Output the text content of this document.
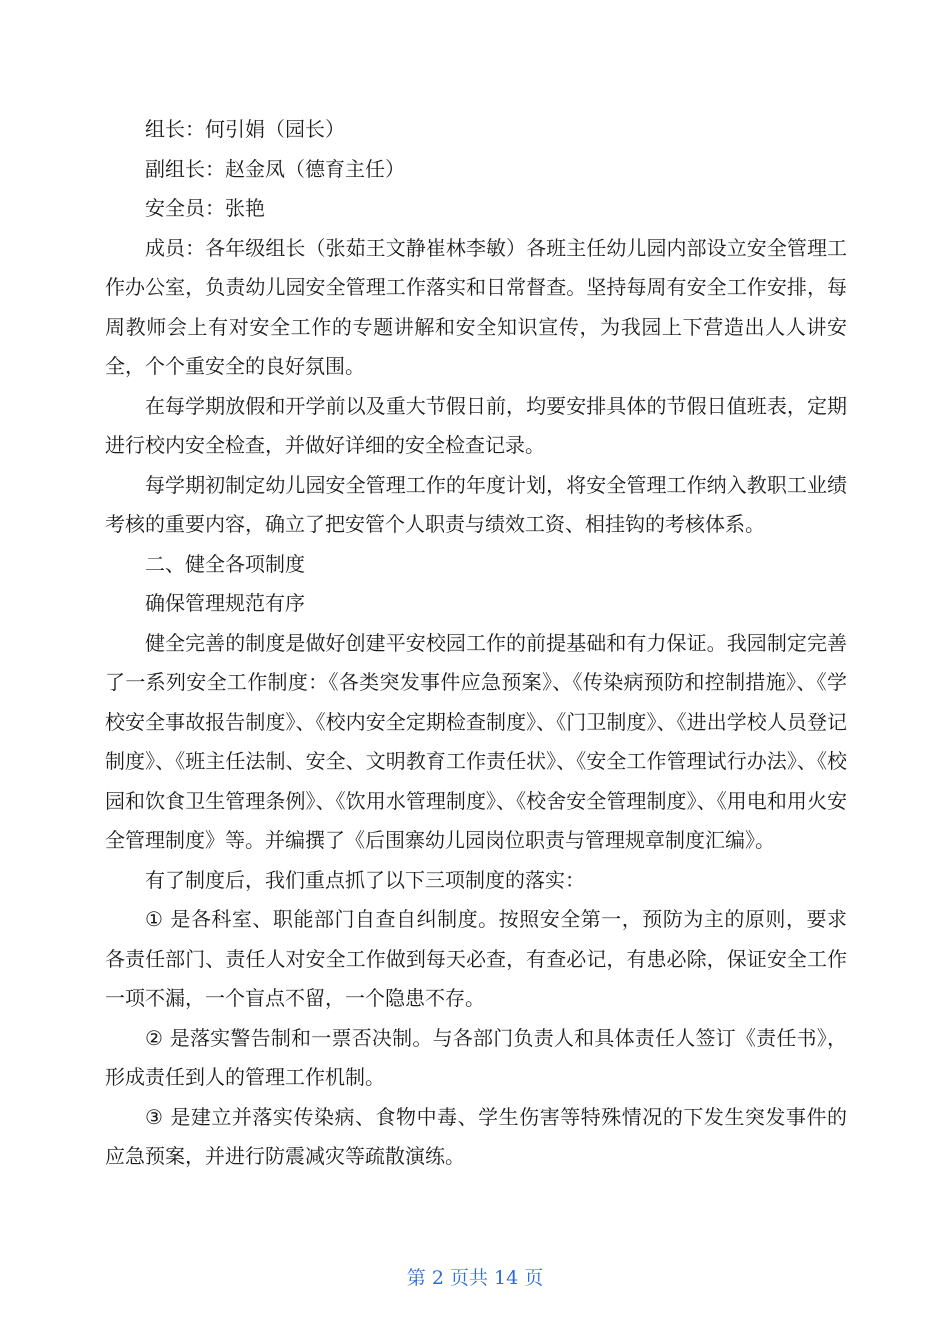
组长：何引娟（园长）

副组长：赵金凤（德育主任）

安全员：张艳

成员：各年级组长（张茹王文静崔林李敏）各班主任幼儿园内部设立安全管理工作办公室，负责幼儿园安全管理工作落实和日常督查。坚持每周有安全工作安排，每周教师会上有对安全工作的专题讲解和安全知识宣传，为我园上下营造出人人讲安全，个个重安全的良好氛围。

在每学期放假和开学前以及重大节假日前，均要安排具体的节假日值班表，定期进行校内安全检查，并做好详细的安全检查记录。

每学期初制定幼儿园安全管理工作的年度计划，将安全管理工作纳入教职工业绩考核的重要内容，确立了把安管个人职责与绩效工资、相挂钩的考核体系。

二、健全各项制度

确保管理规范有序

健全完善的制度是做好创建平安校园工作的前提基础和有力保证。我园制定完善了一系列安全工作制度：《各类突发事件应急预案》、《传染病预防和控制措施》、《学校安全事故报告制度》、《校内安全定期检查制度》、《门卫制度》、《进出学校人员登记制度》、《班主任法制、安全、文明教育工作责任状》、《安全工作管理试行办法》、《校园和饮食卫生管理条例》、《饮用水管理制度》、《校舍安全管理制度》、《用电和用火安全管理制度》等。并编撰了《后围寨幼儿园岗位职责与管理规章制度汇编》。

有了制度后，我们重点抓了以下三项制度的落实：

① 是各科室、职能部门自查自纠制度。按照安全第一，预防为主的原则，要求各责任部门、责任人对安全工作做到每天必查，有查必记，有患必除，保证安全工作一项不漏，一个盲点不留，一个隐患不存。

② 是落实警告制和一票否决制。与各部门负责人和具体责任人签订《责任书》，形成责任到人的管理工作机制。

③ 是建立并落实传染病、食物中毒、学生伤害等特殊情况的下发生突发事件的应急预案，并进行防震减灾等疏散演练。

第 2 页共 14 页
